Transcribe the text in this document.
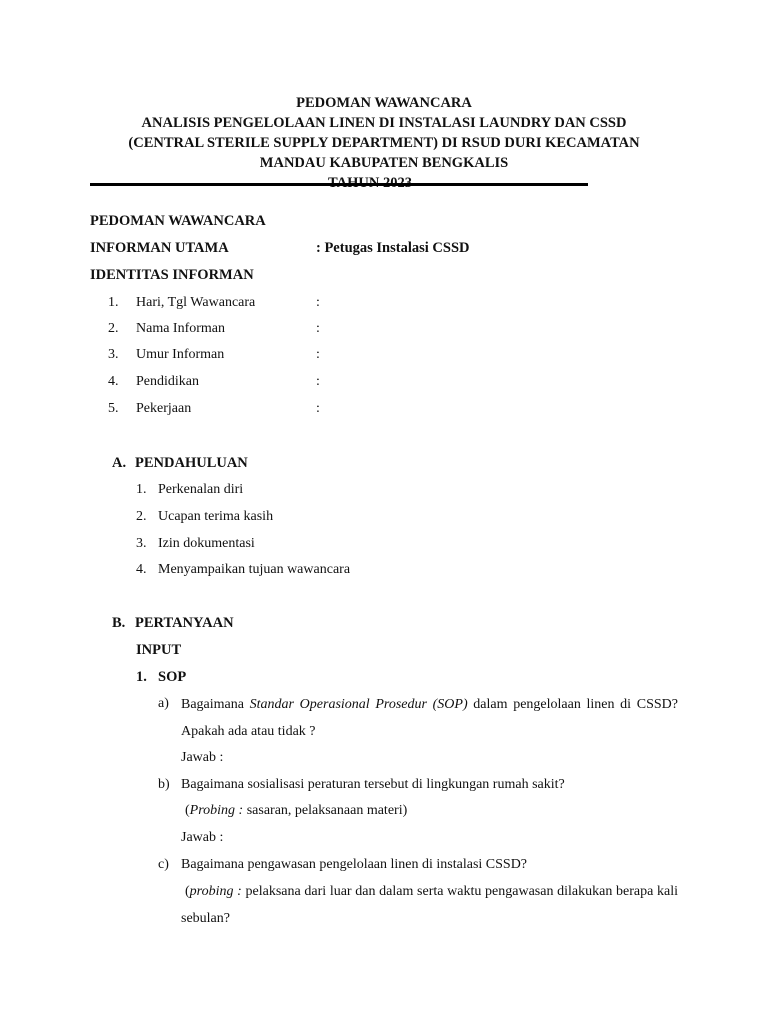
PEDOMAN WAWANCARA
ANALISIS PENGELOLAAN LINEN DI INSTALASI LAUNDRY DAN CSSD
(CENTRAL STERILE SUPPLY DEPARTMENT) DI RSUD DURI KECAMATAN
MANDAU KABUPATEN BENGKALIS
PEDOMAN WAWANCARA
INFORMAN UTAMA	: Petugas Instalasi CSSD
IDENTITAS INFORMAN
1. Hari, Tgl Wawancara	:
2. Nama Informan	:
3. Umur Informan	:
4. Pendidikan	:
5. Pekerjaan	:
A. PENDAHULUAN
1. Perkenalan diri
2. Ucapan terima kasih
3. Izin dokumentasi
4. Menyampaikan tujuan wawancara
B. PERTANYAAN
INPUT
1. SOP
a) Bagaimana Standar Operasional Prosedur (SOP) dalam pengelolaan linen di CSSD? Apakah ada atau tidak ?
Jawab :
b) Bagaimana sosialisasi peraturan tersebut di lingkungan rumah sakit?
(Probing : sasaran, pelaksanaan materi)
Jawab :
c) Bagaimana pengawasan pengelolaan linen di instalasi CSSD?
(probing : pelaksana dari luar dan dalam serta waktu pengawasan dilakukan berapa kali sebulan?
